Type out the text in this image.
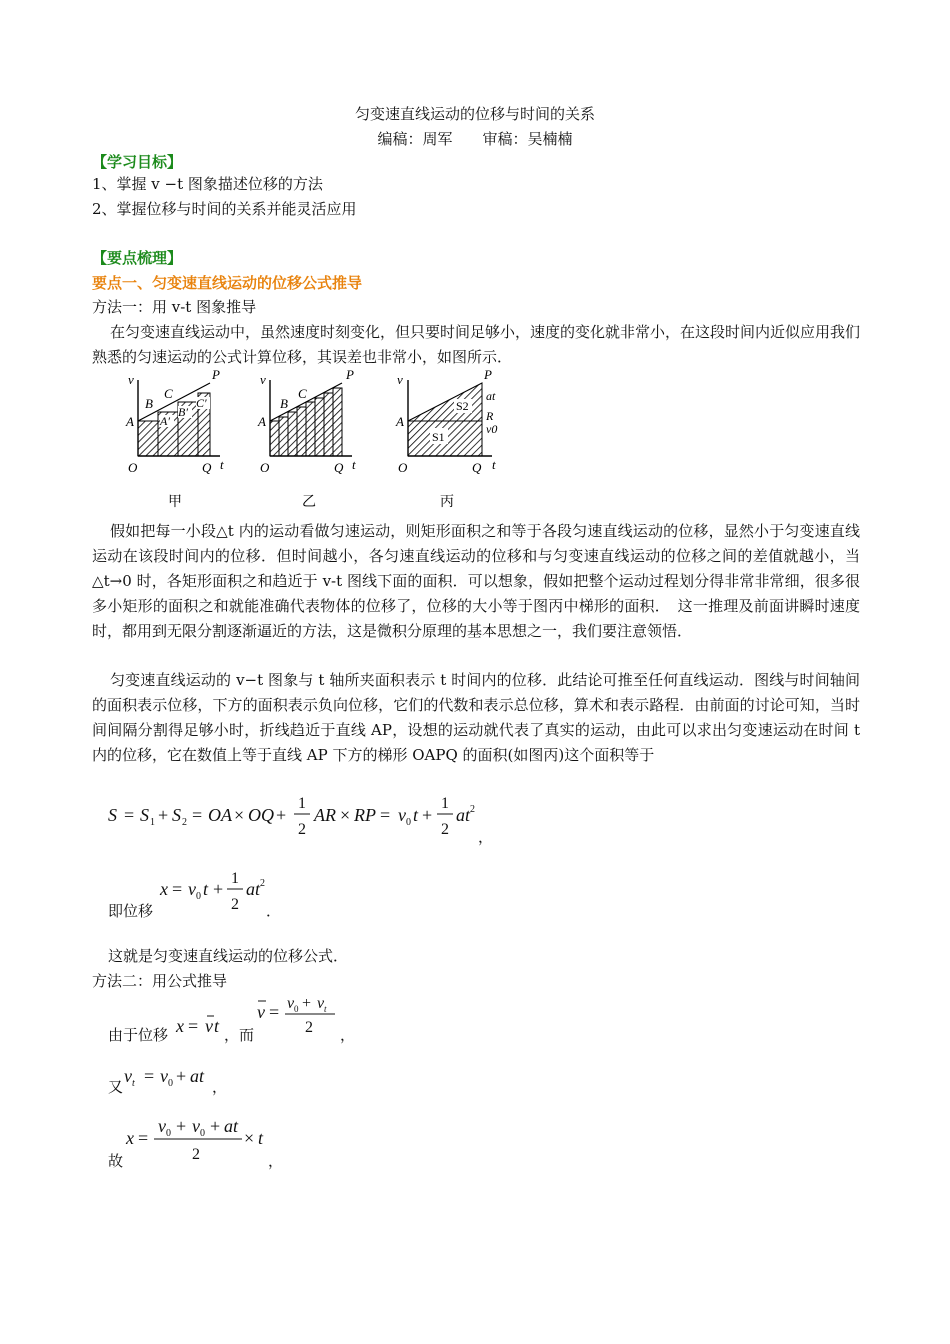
匀变速直线运动的位移与时间的关系
编稿：周军　　审稿：吴楠楠
【学习目标】
1、掌握 v −t 图象描述位移的方法
2、掌握位移与时间的关系并能灵活应用
【要点梳理】
要点一、匀变速直线运动的位移公式推导
方法一：用 v-t 图象推导
在匀变速直线运动中，虽然速度时刻变化，但只要时间足够小，速度的变化就非常小，在这段时间内近似应用我们熟悉的匀速运动的公式计算位移，其误差也非常小，如图所示．
v	P
C
B
A A′
B′
C′
O	Q t
甲
v	P
C
B
A
O	Q t
乙
v	P
at
R
v0
A
S2
S1
O	Q t
丙
假如把每一小段△t 内的运动看做匀速运动，则矩形面积之和等于各段匀速直线运动的位移，显然小于匀变速直线运动在该段时间内的位移．但时间越小，各匀速直线运动的位移和与匀变速直线运动的位移之间的差值就越小，当△t→0 时，各矩形面积之和趋近于 v-t 图线下面的面积．可以想象，假如把整个运动过程划分得非常非常细，很多很多小矩形的面积之和就能准确代表物体的位移了，位移的大小等于图丙中梯形的面积．　这一推理及前面讲瞬时速度时，都用到无限分割逐渐逼近的方法，这是微积分原理的基本思想之一，我们要注意领悟．
匀变速直线运动的 v−t 图象与 t 轴所夹面积表示 t 时间内的位移．此结论可推至任何直线运动．图线与时间轴间的面积表示位移，下方的面积表示负向位移，它们的代数和表示总位移，算术和表示路程．由前面的讨论可知，当时间间隔分割得足够小时，折线趋近于直线 AP，设想的运动就代表了真实的运动，由此可以求出匀变速运动在时间 t 内的位移，它在数值上等于直线 AP 下方的梯形 OAPQ 的面积(如图丙)这个面积等于
S = S 1 + S 2 = OA × OQ +
1
2
AR × RP = v 0 t +
1
2
at 2
，
即位移
x = v 0 t +
1
2
at 2
．
这就是匀变速直线运动的位移公式．
方法二：用公式推导
由于位移 x = v t ，而
v = v 0 + v t
2 ，
又
v t = v 0 + at
，
故
x =
v 0 + v 0 + at
2
× t
，
